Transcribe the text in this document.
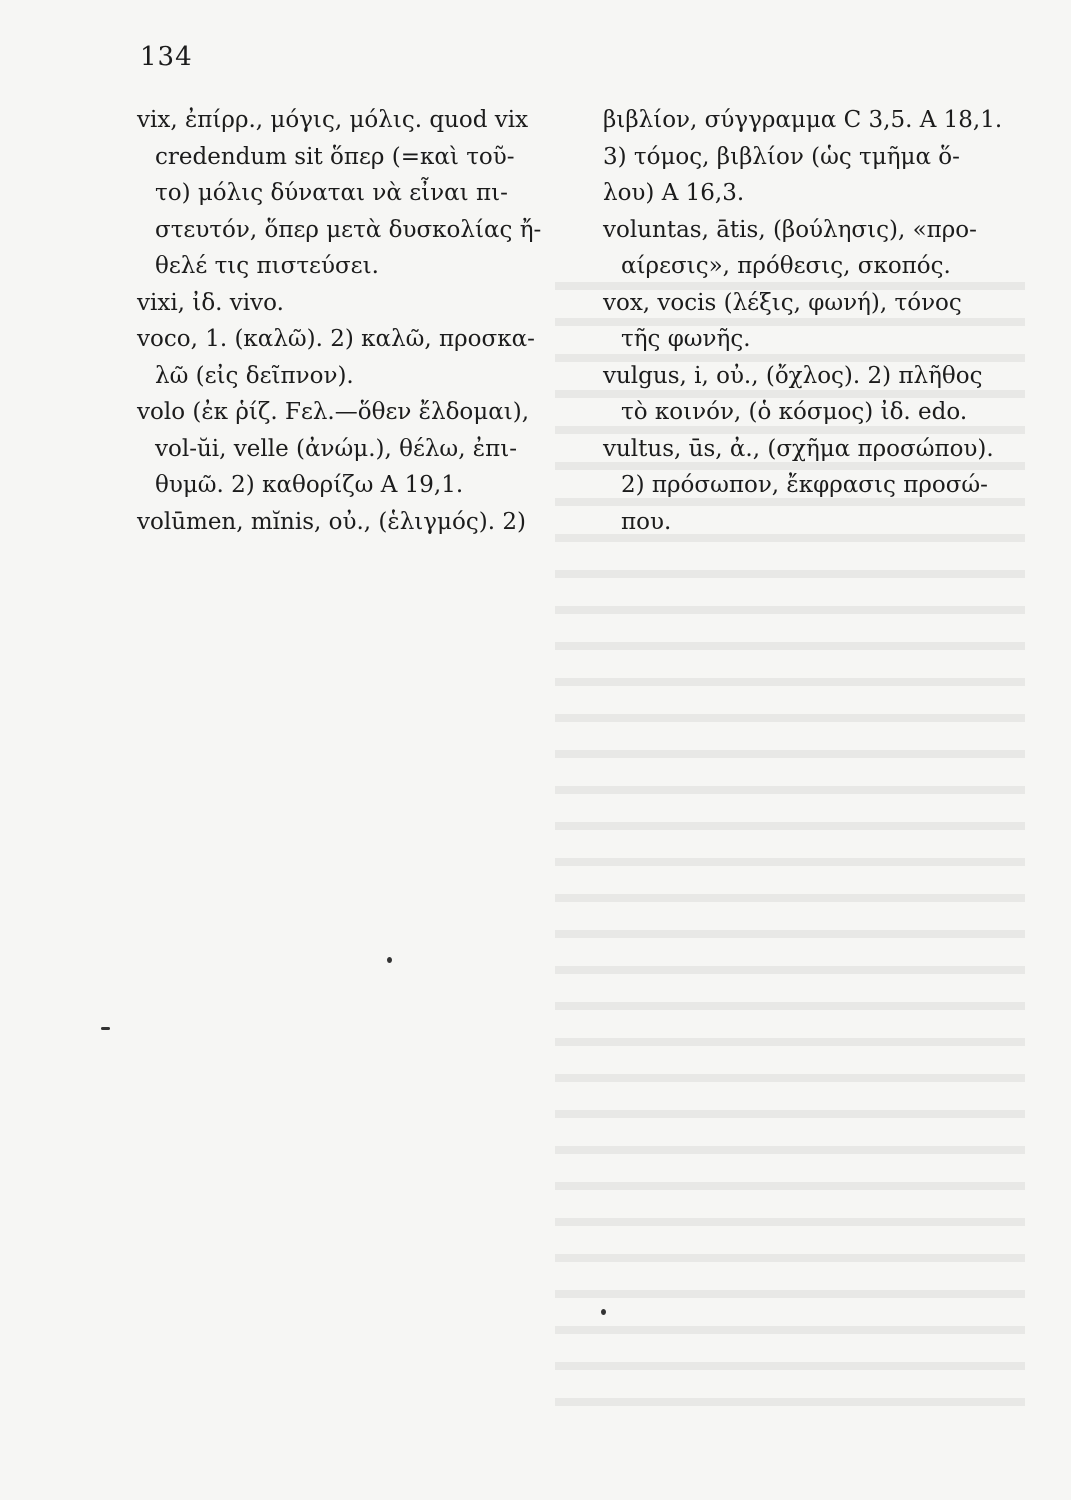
134
vix, ἐπίρρ., μόγις, μόλις. quod vix
credendum sit ὅπερ (=καὶ τοῦ-
το) μόλις δύναται νὰ εἶναι πι-
στευτόν, ὅπερ μετὰ δυσκολίας ἤ-
θελέ τις πιστεύσει.
vixi, ἰδ. vivo.
voco, 1. (καλῶ). 2) καλῶ, προσκα-
λῶ (εἰς δεῖπνον).
volo (ἐκ ῥίζ. Ϝελ.—ὅθεν ἔλδομαι),
vol-ŭi, velle (ἀνώμ.), θέλω, ἐπι-
θυμῶ. 2) καθορίζω Α 19,1.
volūmen, mĭnis, οὐ., (ἑλιγμός). 2)
βιβλίον, σύγγραμμα C 3,5. Α 18,1.
3) τόμος, βιβλίον (ὡς τμῆμα ὅ-
λου) Α 16,3.
voluntas, ātis, (βούλησις), «προ-
αίρεσις», πρόθεσις, σκοπός.
vox, vocis (λέξις, φωνή), τόνος
τῆς φωνῆς.
vulgus, i, οὐ., (ὄχλος). 2) πλῆθος
τὸ κοινόν, (ὁ κόσμος) ἰδ. edo.
vultus, ūs, ἀ., (σχῆμα προσώπου).
2) πρόσωπον, ἔκφρασις προσώ-
που.
